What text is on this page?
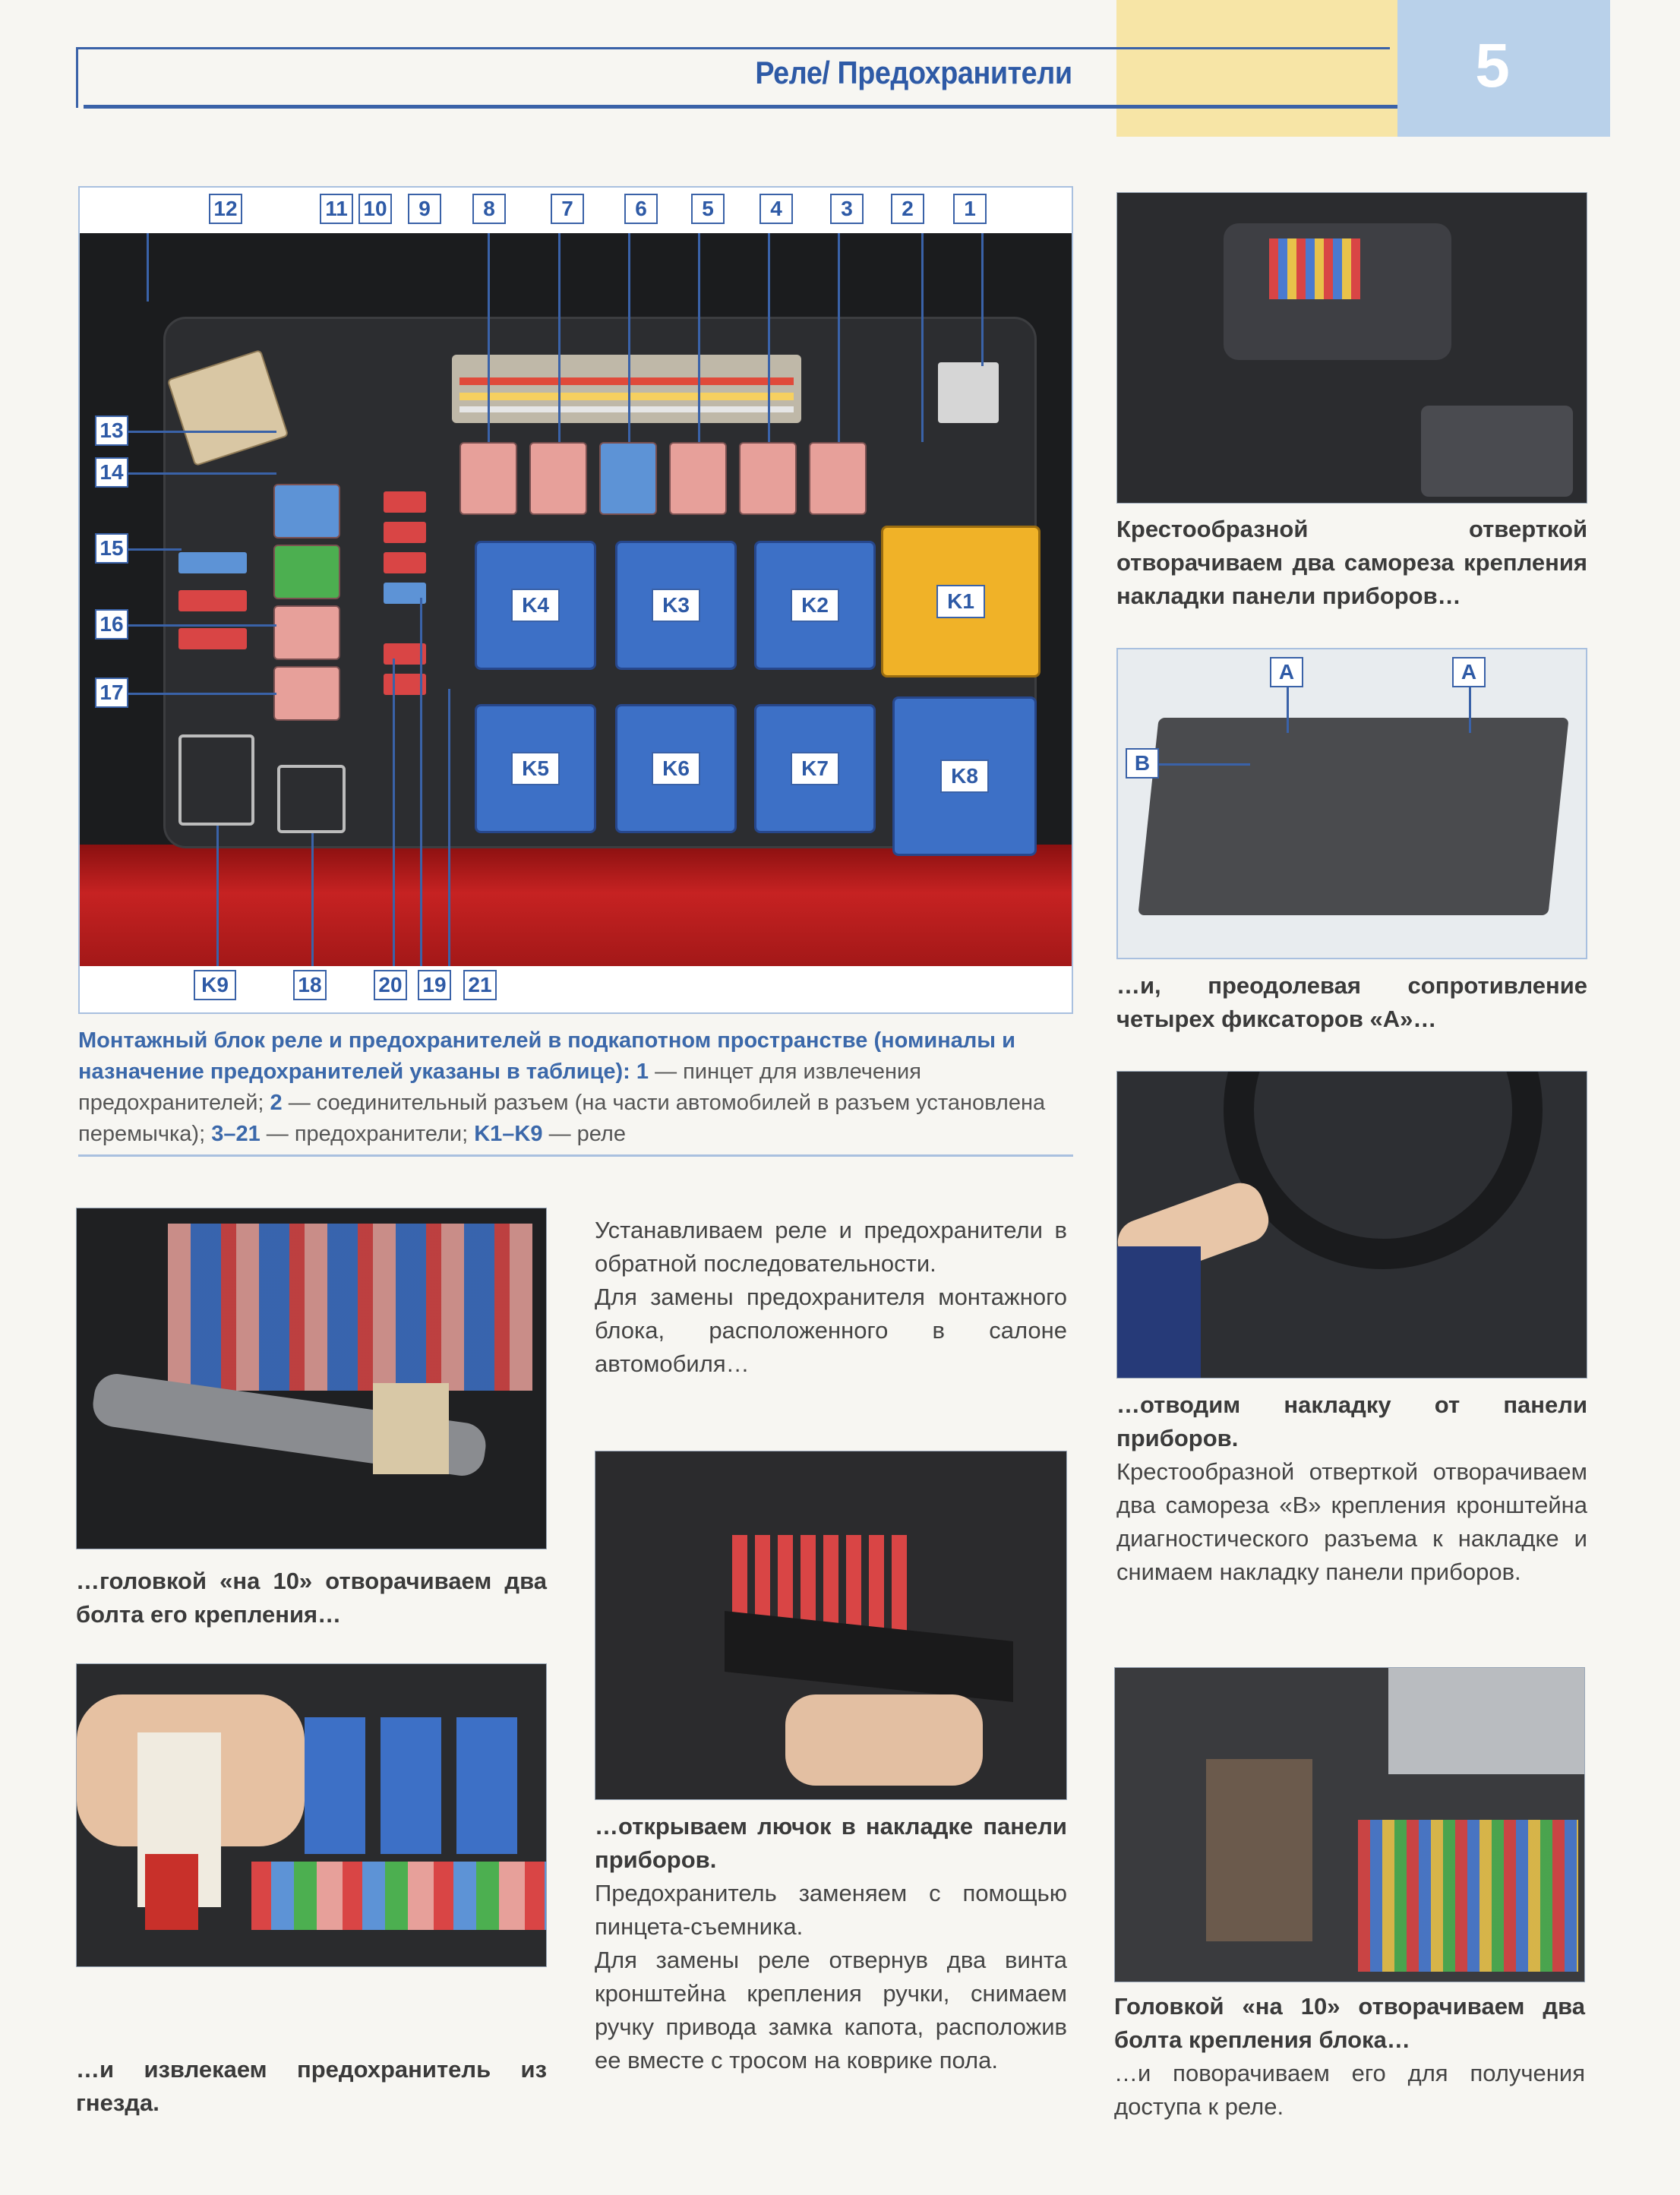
Реле/ Предохранители	5
12	11 10	9	8	7	6	5	4	3	2	1
K1
K2
K3
K4
K5	K6	K7	K8
13
14
15
16
17
K9	18	20 19 21
Монтажный блок реле и предохранителей в подкапотном пространстве (номиналы и назначение предохранителей указаны в таблице): 1 — пинцет для извлечения предохранителей; 2 — соединительный разъем (на части автомобилей в разъем установлена перемычка); 3–21 — предохранители; K1–K9 — реле
Крестообразной отверткой отворачиваем два самореза крепления накладки панели приборов…
A	A
B
…и, преодолевая сопротивление четырех фиксаторов «A»…
…отводим накладку от панели приборов.
Крестообразной отверткой отворачиваем два самореза «В» крепления кронштейна диагностического разъема к накладке и снимаем накладку панели приборов.
Головкой «на 10» отворачиваем два болта крепления блока…
…и поворачиваем его для получения доступа к реле.
Устанавливаем реле и предохранители в обратной последовательности.
Для замены предохранителя монтажного блока, расположенного в салоне автомобиля…
…открываем лючок в накладке панели приборов.
Предохранитель заменяем с помощью пинцета-съемника.
Для замены реле отвернув два винта кронштейна крепления ручки, снимаем ручку привода замка капота, расположив ее вместе с тросом на коврике пола.
…головкой «на 10» отворачиваем два болта его крепления…
…и извлекаем предохранитель из гнезда.
